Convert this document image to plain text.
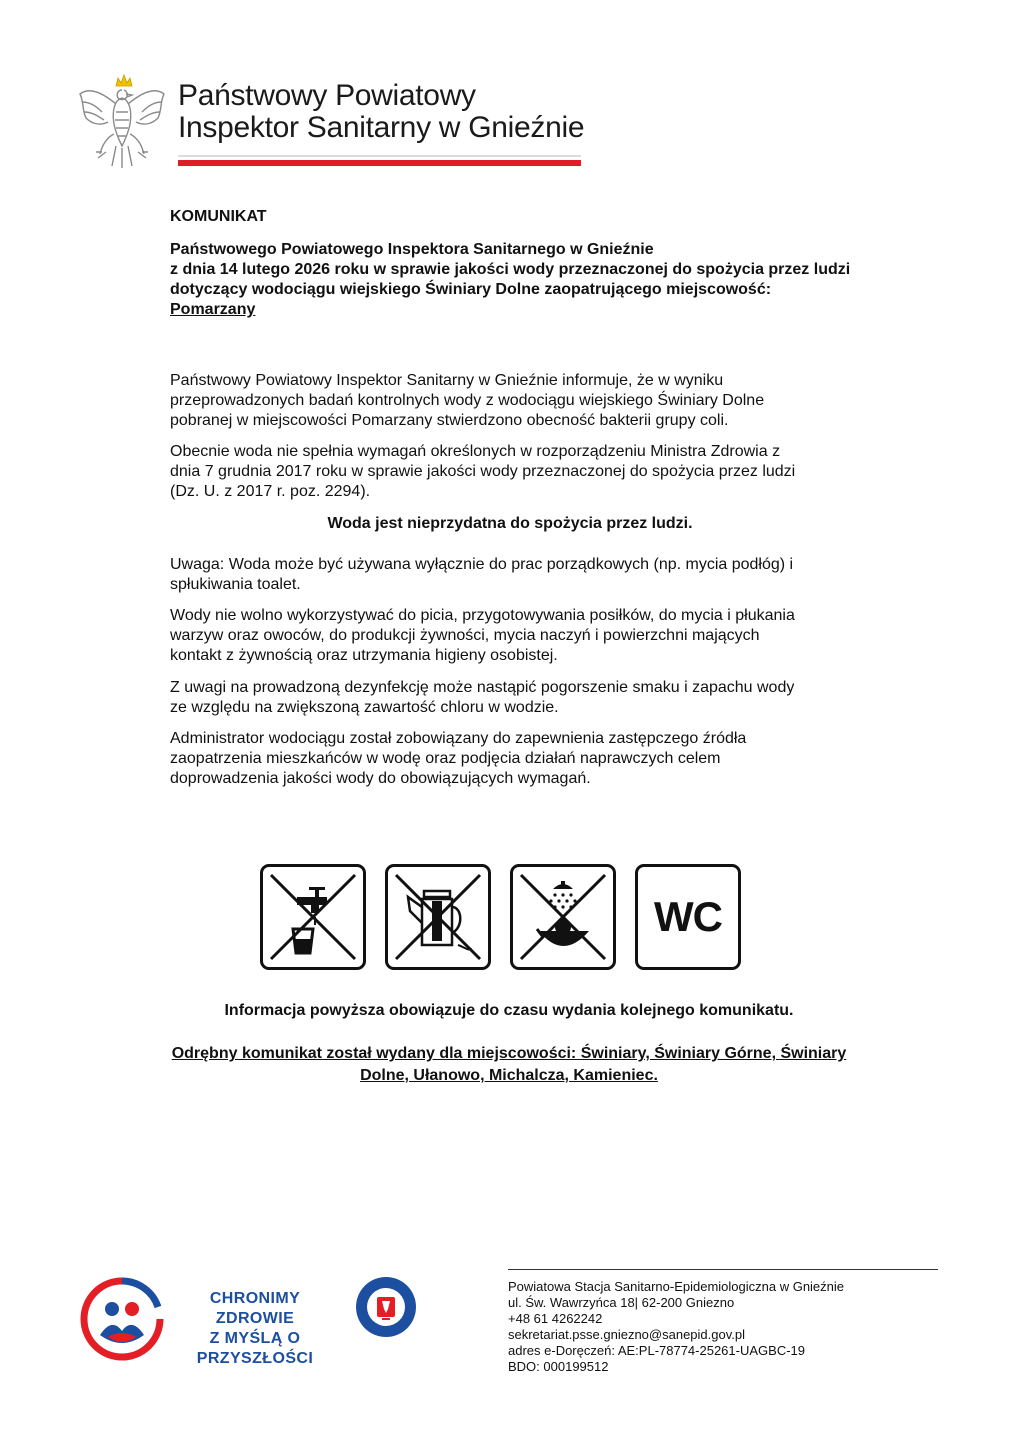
Państwowy Powiatowy
Inspektor Sanitarny w Gnieźnie
KOMUNIKAT
Państwowego Powiatowego Inspektora Sanitarnego w Gnieźnie
z dnia 14 lutego 2026 roku w sprawie jakości wody przeznaczonej do spożycia przez ludzi
dotyczący wodociągu wiejskiego Świniary Dolne zaopatrującego miejscowość:
Pomarzany
Państwowy Powiatowy Inspektor Sanitarny w Gnieźnie informuje, że w wyniku
przeprowadzonych badań kontrolnych wody z wodociągu wiejskiego Świniary Dolne
pobranej w miejscowości Pomarzany stwierdzono obecność bakterii grupy coli.
Obecnie woda nie spełnia wymagań określonych w rozporządzeniu Ministra Zdrowia z
dnia 7 grudnia 2017 roku w sprawie jakości wody przeznaczonej do spożycia przez ludzi
(Dz. U. z 2017 r. poz. 2294).
Woda jest nieprzydatna do spożycia przez ludzi.
Uwaga: Woda może być używana wyłącznie do prac porządkowych (np. mycia podłóg) i
spłukiwania toalet.
Wody nie wolno wykorzystywać do picia, przygotowywania posiłków, do mycia i płukania
warzyw oraz owoców, do produkcji żywności, mycia naczyń i powierzchni mających
kontakt z żywnością oraz utrzymania higieny osobistej.
Z uwagi na prowadzoną dezynfekcję może nastąpić pogorszenie smaku i zapachu wody
ze względu na zwiększoną zawartość chloru w wodzie.
Administrator wodociągu został zobowiązany do zapewnienia zastępczego źródła
zaopatrzenia mieszkańców w wodę oraz podjęcia działań naprawczych celem
doprowadzenia jakości wody do obowiązujących wymagań.
WC
Informacja powyższa obowiązuje do czasu wydania kolejnego komunikatu.
Odrębny komunikat został wydany dla miejscowości: Świniary, Świniary Górne, Świniary
Dolne, Ułanowo, Michalcza, Kamieniec.
CHRONIMY ZDROWIE
Z MYŚLĄ O PRZYSZŁOŚCI
Powiatowa Stacja Sanitarno-Epidemiologiczna w Gnieźnie
ul. Św. Wawrzyńca 18| 62-200 Gniezno
+48 61 4262242
sekretariat.psse.gniezno@sanepid.gov.pl
adres e-Doręczeń: AE:PL-78774-25261-UAGBC-19
BDO: 000199512
